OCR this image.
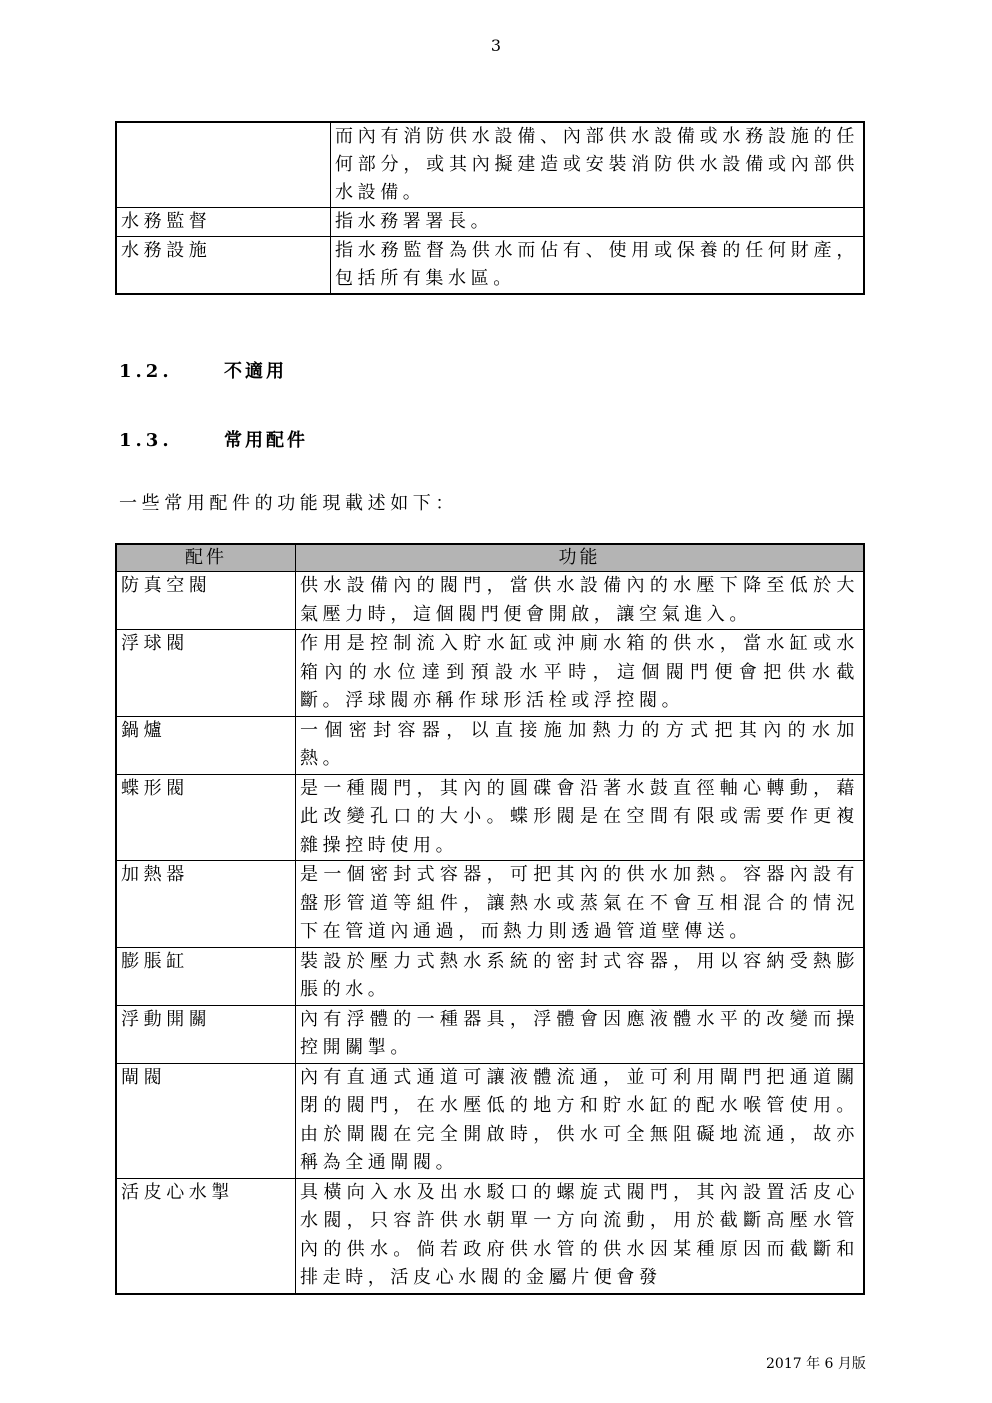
3
	而內有消防供水設備、內部供水設備或水務設施的任何部分，或其內擬建造或安裝消防供水設備或內部供水設備。
水務監督	指水務署署長。
水務設施	指水務監督為供水而佔有、使用或保養的任何財產，包括所有集水區。
1.2.	不適用
1.3.	常用配件
一些常用配件的功能現載述如下：
配件	功能
防真空閥	供水設備內的閥門，當供水設備內的水壓下降至低於大氣壓力時，這個閥門便會開啟，讓空氣進入。
浮球閥	作用是控制流入貯水缸或沖廁水箱的供水，當水缸或水箱內的水位達到預設水平時，這個閥門便會把供水截斷。浮球閥亦稱作球形活栓或浮控閥。
鍋爐	一個密封容器，以直接施加熱力的方式把其內的水加熱。
蝶形閥	是一種閥門，其內的圓碟會沿著水鼓直徑軸心轉動，藉此改變孔口的大小。蝶形閥是在空間有限或需要作更複雜操控時使用。
加熱器	是一個密封式容器，可把其內的供水加熱。容器內設有盤形管道等組件，讓熱水或蒸氣在不會互相混合的情況下在管道內通過，而熱力則透過管道壁傳送。
膨脹缸	裝設於壓力式熱水系統的密封式容器，用以容納受熱膨脹的水。
浮動開關	內有浮體的一種器具，浮體會因應液體水平的改變而操控開關掣。
閘閥	內有直通式通道可讓液體流通，並可利用閘門把通道關閉的閥門，在水壓低的地方和貯水缸的配水喉管使用。由於閘閥在完全開啟時，供水可全無阻礙地流通，故亦稱為全通閘閥。
活皮心水掣	具橫向入水及出水駁口的螺旋式閥門，其內設置活皮心水閥，只容許供水朝單一方向流動，用於截斷高壓水管內的供水。倘若政府供水管的供水因某種原因而截斷和排走時，活皮心水閥的金屬片便會發
2017 年 6 月版
